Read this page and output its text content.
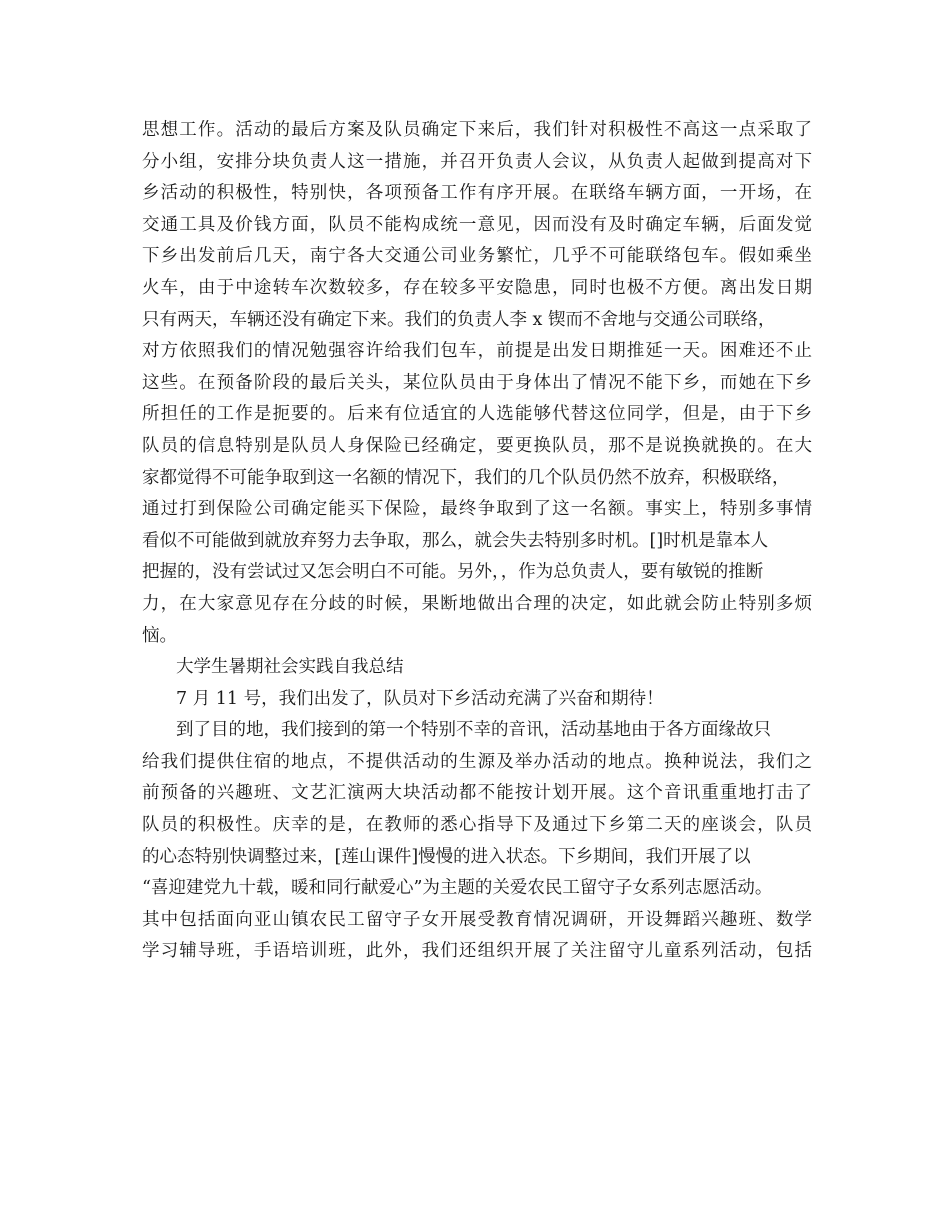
思想工作。活动的最后方案及队员确定下来后，我们针对积极性不高这一点采取了
分小组，安排分块负责人这一措施，并召开负责人会议，从负责人起做到提高对下
乡活动的积极性，特别快，各项预备工作有序开展。在联络车辆方面，一开场，在
交通工具及价钱方面，队员不能构成统一意见，因而没有及时确定车辆，后面发觉
下乡出发前后几天，南宁各大交通公司业务繁忙，几乎不可能联络包车。假如乘坐
火车，由于中途转车次数较多，存在较多平安隐患，同时也极不方便。离出发日期
只有两天，车辆还没有确定下来。我们的负责人李 x 锲而不舍地与交通公司联络，
对方依照我们的情况勉强容许给我们包车，前提是出发日期推延一天。困难还不止
这些。在预备阶段的最后关头，某位队员由于身体出了情况不能下乡，而她在下乡
所担任的工作是扼要的。后来有位适宜的人选能够代替这位同学，但是，由于下乡
队员的信息特别是队员人身保险已经确定，要更换队员，那不是说换就换的。在大
家都觉得不可能争取到这一名额的情况下，我们的几个队员仍然不放弃，积极联络，
通过打到保险公司确定能买下保险，最终争取到了这一名额。事实上，特别多事情
看似不可能做到就放弃努力去争取，那么，就会失去特别多时机。[]时机是靠本人
把握的，没有尝试过又怎会明白不可能。另外，，作为总负责人，要有敏锐的推断
力，在大家意见存在分歧的时候，果断地做出合理的决定，如此就会防止特别多烦
恼。
大学生暑期社会实践自我总结
7 月 11 号，我们出发了，队员对下乡活动充满了兴奋和期待！
到了目的地，我们接到的第一个特别不幸的音讯，活动基地由于各方面缘故只
给我们提供住宿的地点，不提供活动的生源及举办活动的地点。换种说法，我们之
前预备的兴趣班、文艺汇演两大块活动都不能按计划开展。这个音讯重重地打击了
队员的积极性。庆幸的是，在教师的悉心指导下及通过下乡第二天的座谈会，队员
的心态特别快调整过来，[莲山课件]慢慢的进入状态。下乡期间，我们开展了以
“喜迎建党九十载，暖和同行献爱心”为主题的关爱农民工留守子女系列志愿活动。
其中包括面向亚山镇农民工留守子女开展受教育情况调研，开设舞蹈兴趣班、数学
学习辅导班，手语培训班，此外，我们还组织开展了关注留守儿童系列活动，包括
